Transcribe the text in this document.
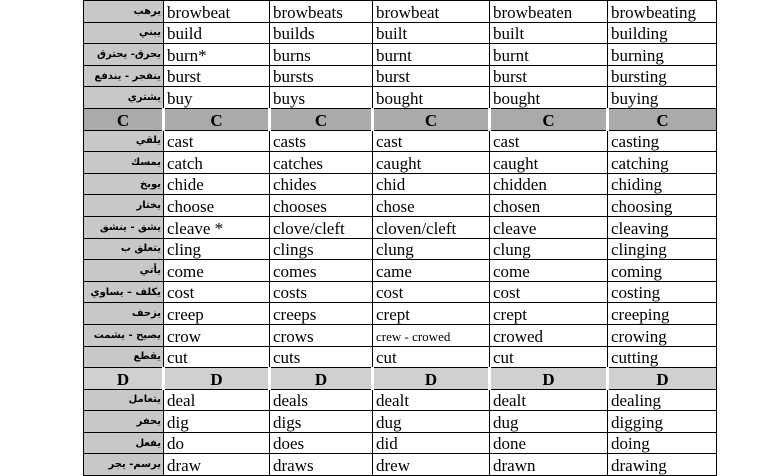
يرهب	browbeat	browbeats	browbeat	browbeaten	browbeating
يبني	build	builds	built	built	building
يحرق- يحترق	burn*	burns	burnt	burnt	burning
ينفجر - يندفع	burst	bursts	burst	burst	bursting
يشتري	buy	buys	bought	bought	buying
C	C	C	C	C	C
يلقي	cast	casts	cast	cast	casting
يمسك	catch	catches	caught	caught	catching
يوبخ	chide	chides	chid	chidden	chiding
يختار	choose	chooses	chose	chosen	choosing
يشق - ينشق	cleave *	clove/cleft	cloven/cleft	cleave	cleaving
يتعلق ب	cling	clings	clung	clung	clinging
يأتي	come	comes	came	come	coming
يكلف – يساوي	cost	costs	cost	cost	costing
يزحف	creep	creeps	crept	crept	creeping
يصيح - يشمت	crow	crows	crew - crowed	crowed	crowing
يقطع	cut	cuts	cut	cut	cutting
D	D	D	D	D	D
يتعامل	deal	deals	dealt	dealt	dealing
يحفر	dig	digs	dug	dug	digging
يفعل	do	does	did	done	doing
يرسم- يجر	draw	draws	drew	drawn	drawing
